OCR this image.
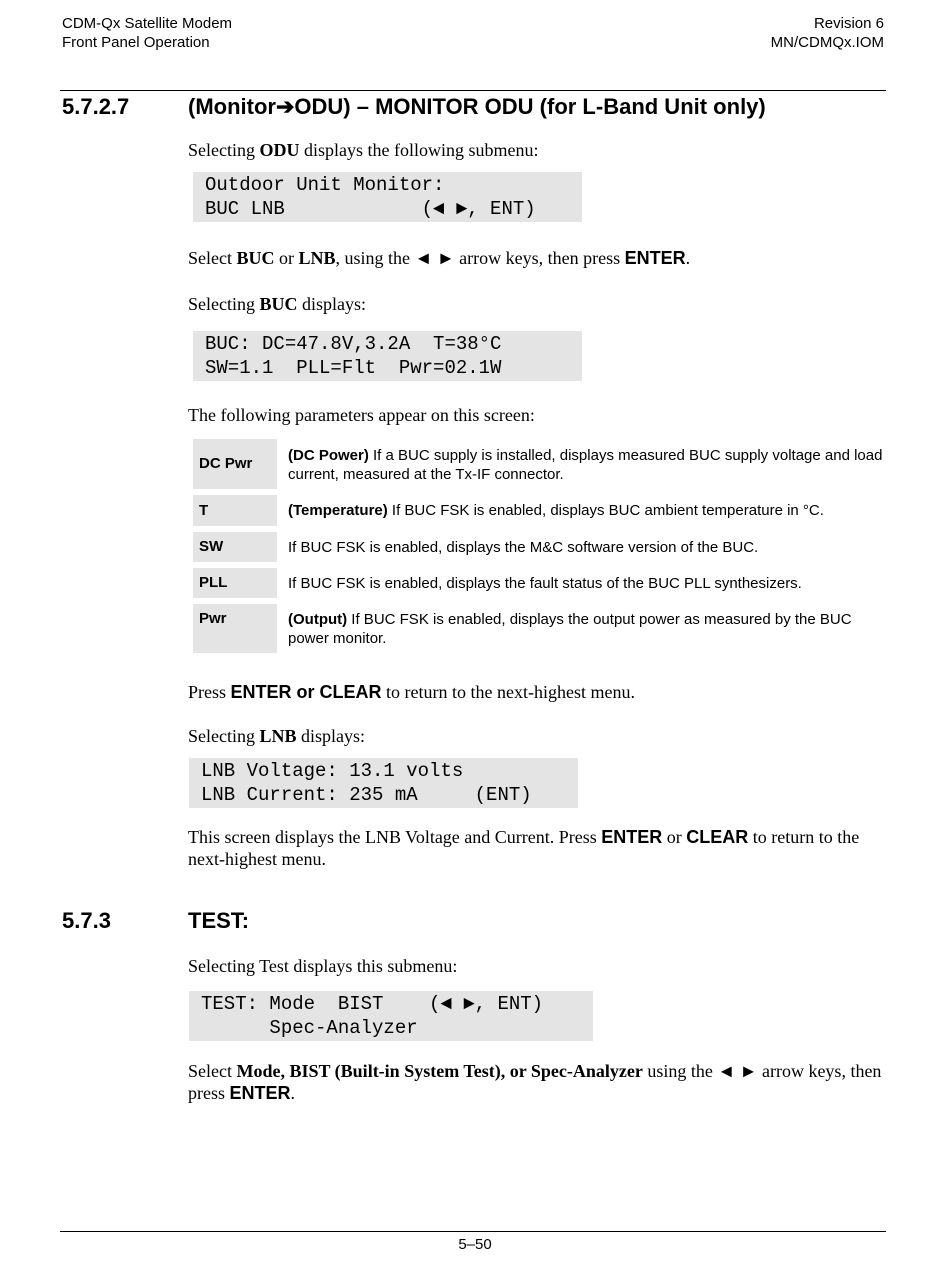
CDM-Qx Satellite Modem
Front Panel Operation
Revision 6
MN/CDMQx.IOM
5.7.2.7	(Monitor➔ODU) – MONITOR ODU (for L-Band Unit only)
Selecting ODU displays the following submenu:
Outdoor Unit Monitor:
BUC LNB            (◄ ►, ENT)
Select BUC or LNB, using the ◄ ► arrow keys, then press ENTER.
Selecting BUC displays:
BUC: DC=47.8V,3.2A  T=38°C
SW=1.1  PLL=Flt  Pwr=02.1W
The following parameters appear on this screen:
DC Pwr	(DC Power) If a BUC supply is installed, displays measured BUC supply voltage and load current, measured at the Tx-IF connector.
T	(Temperature) If BUC FSK is enabled, displays BUC ambient temperature in °C.
SW	If BUC FSK is enabled, displays the M&C software version of the BUC.
PLL	If BUC FSK is enabled, displays the fault status of the BUC PLL synthesizers.
Pwr	(Output) If BUC FSK is enabled, displays the output power as measured by the BUC power monitor.
Press ENTER or CLEAR to return to the next-highest menu.
Selecting LNB displays:
LNB Voltage: 13.1 volts
LNB Current: 235 mA     (ENT)
This screen displays the LNB Voltage and Current. Press ENTER or CLEAR to return to the next-highest menu.
5.7.3	TEST:
Selecting Test displays this submenu:
TEST: Mode  BIST    (◄ ►, ENT)
Spec-Analyzer
Select Mode, BIST (Built-in System Test), or Spec-Analyzer using the ◄ ► arrow keys, then press ENTER.
5–50
